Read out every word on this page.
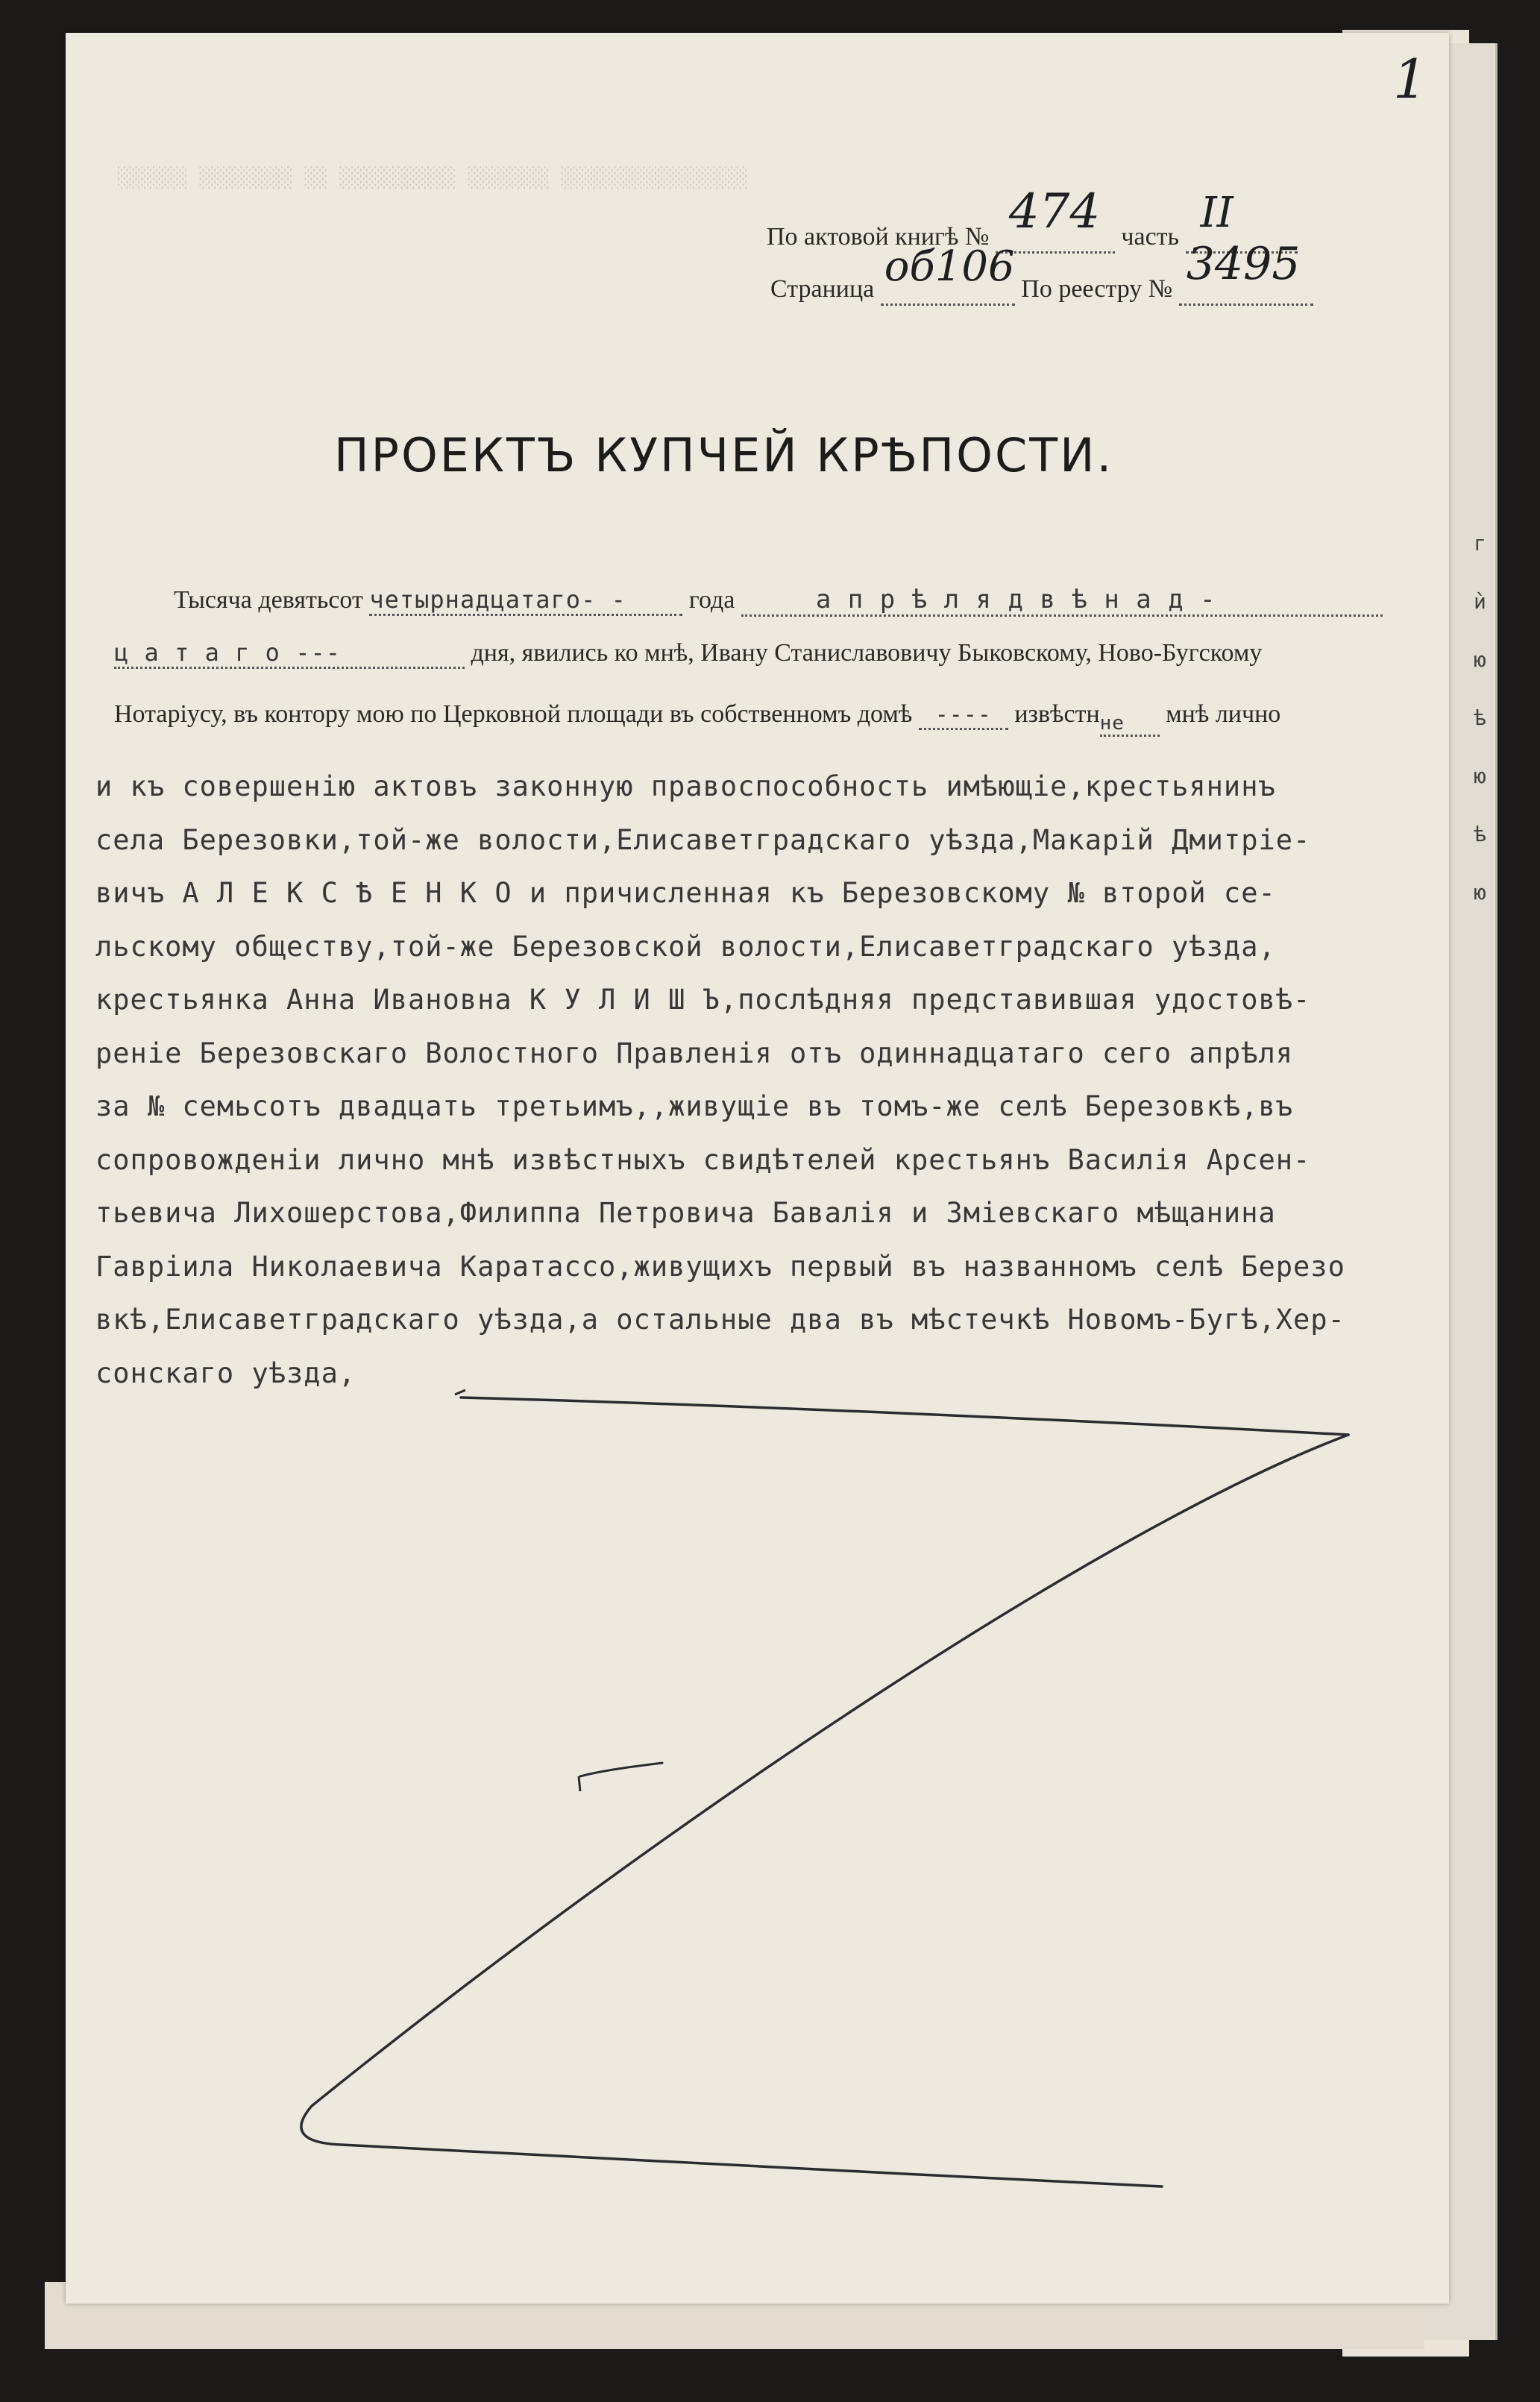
░░░░░░ ░░░░░░░░ ░░ ░░░░░░░░░░ ░░░░░░░ ░░░░░░░░░░░░░░░░
1
По актовой книгѣ № 474 часть II

Страница об106 По реестру № 3495

ПРОЕКТЪ КУПЧЕЙ КРѢПОСТИ.
Тысяча девятьсот четырнадцатаго- - года	а п р ѣ л я д в ѣ н а д -
ц а т а г о ---	дня, явились ко мнѣ, Ивану Станиславовичу Быковскому, Ново-Бугскому
Нотаріусу, въ контору мою по Церковной площади въ собственномъ домѣ ---- извѣстнне мнѣ лично
и къ совершенію актовъ законную правоспособность имѣющіе,крестьянинъ
села Березовки,той-же волости,Елисаветградскаго уѣзда,Макарій Дмитріе-
вичъ А Л Е К С Ѣ Е Н К О и причисленная къ Березовскому № второй се-
льскому обществу,той-же Березовской волости,Елисаветградскаго уѣзда,
крестьянка Анна Ивановна К У Л И Ш Ъ,послѣдняя представившая удостовѣ-
реніе Березовскаго Волостного Правленія отъ одиннадцатаго сего апрѣля
за № семьсотъ двадцать третьимъ,,живущіе въ томъ-же селѣ Березовкѣ,въ
сопровожденіи лично мнѣ извѣстныхъ свидѣтелей крестьянъ Василія Арсен-
тьевича Лихошерстова,Филиппа Петровича Бавалія и Зміевскаго мѣщанина
Гавріила Николаевича Каратассо,живущихъ первый въ названномъ селѣ Березо
вкѣ,Елисаветградскаго уѣзда,а остальные два въ мѣстечкѣ Новомъ-Бугѣ,Хер-
сонскаго уѣзда,
г
ѝ
ю
ѣ
ю
ѣ
ю
